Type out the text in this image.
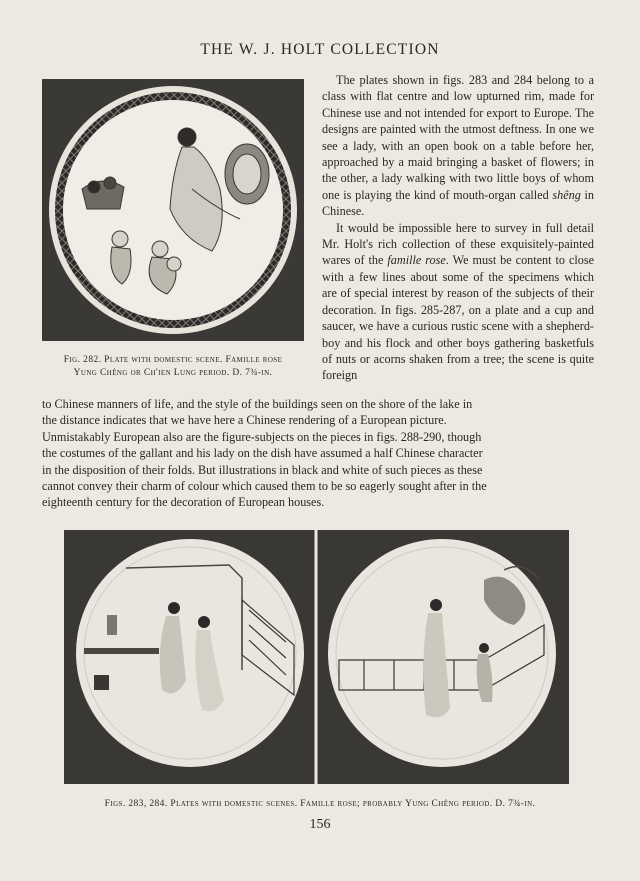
THE W. J. HOLT COLLECTION
Fig. 282. Plate with domestic scene. Famille rose
Yung Chêng or Ch'ien Lung period. D. 7¾-in.

The plates shown in figs. 283 and 284 belong to a class with flat centre and low upturned rim, made for Chinese use and not intended for export to Europe. The designs are painted with the utmost deftness. In one we see a lady, with an open book on a table before her, approached by a maid bringing a basket of flowers; in the other, a lady walking with two little boys of whom one is playing the kind of mouth-organ called shêng in Chinese.

It would be impossible here to survey in full detail Mr. Holt's rich collection of these exquisitely-painted wares of the famille rose. We must be content to close with a few lines about some of the specimens which are of special interest by reason of the subjects of their decoration. In figs. 285-287, on a plate and a cup and saucer, we have a curious rustic scene with a shepherd-boy and his flock and other boys gathering basketfuls of nuts or acorns shaken from a tree; the scene is quite foreign

to Chinese manners of life, and the style of the buildings seen on the shore of the lake in
the distance indicates that we have here a Chinese rendering of a European picture.
Unmistakably European also are the figure-subjects on the pieces in figs. 288-290, though
the costumes of the gallant and his lady on the dish have assumed a half Chinese character
in the disposition of their folds. But illustrations in black and white of such pieces as these
cannot convey their charm of colour which caused them to be so eagerly sought after in the
eighteenth century for the decoration of European houses.
Figs. 283, 284. Plates with domestic scenes. Famille rose; probably Yung Chêng period. D. 7¾-in.
156
